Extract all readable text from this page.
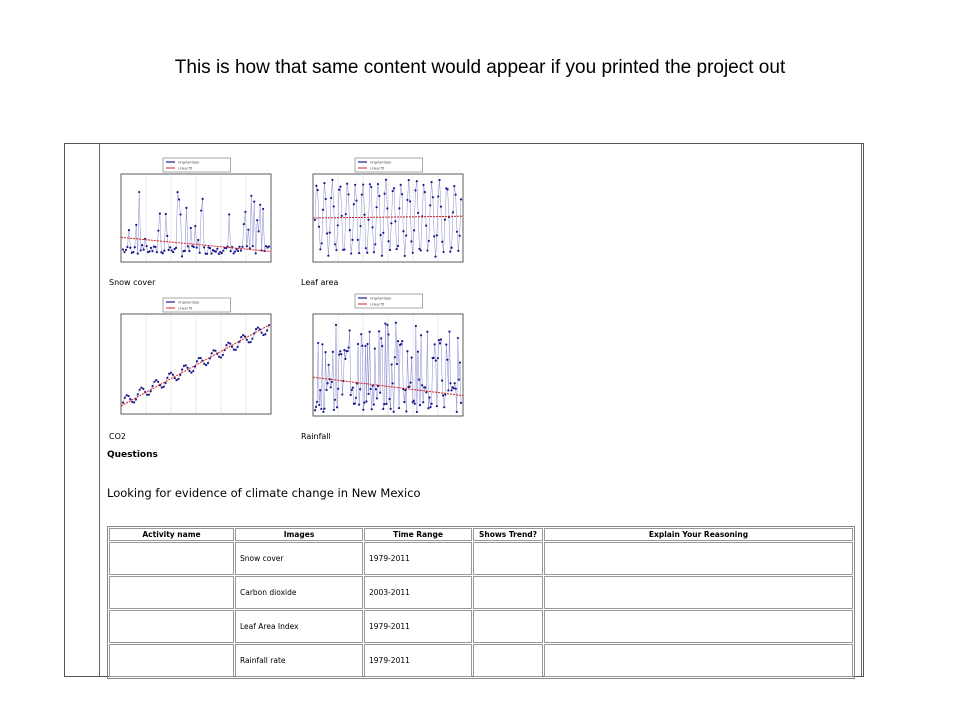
This is how that same content would appear if you printed the project out
Original Data
Linear fit
Snow cover
Original Data
Linear fit
Leaf area
Original Data
Linear fit
CO2
Original Data
Linear fit
Rainfall
Questions
Looking for evidence of climate change in New Mexico
Activity name	Images	Time Range	Shows Trend?	Explain Your Reasoning
	Snow cover	1979-2011		
	Carbon dioxide	2003-2011		
	Leaf Area Index	1979-2011		
	Rainfall rate	1979-2011		
